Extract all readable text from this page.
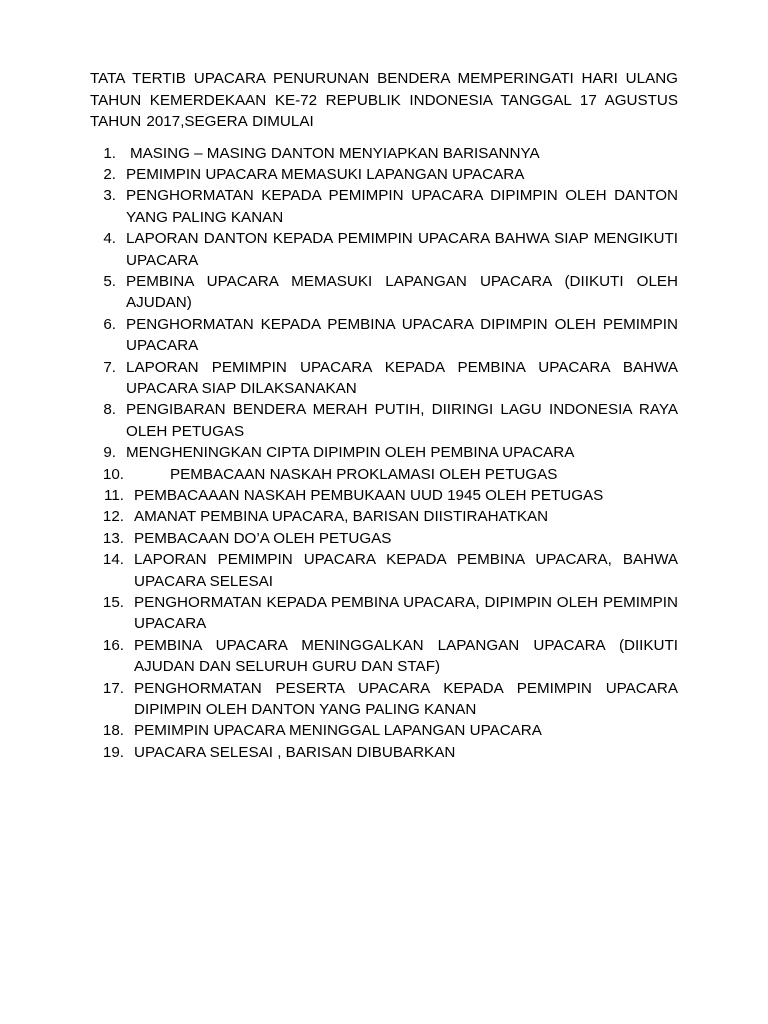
TATA TERTIB UPACARA PENURUNAN BENDERA MEMPERINGATI HARI ULANG TAHUN KEMERDEKAAN KE-72 REPUBLIK INDONESIA TANGGAL 17 AGUSTUS TAHUN 2017,SEGERA DIMULAI

1. MASING – MASING DANTON MENYIAPKAN BARISANNYA
2. PEMIMPIN UPACARA MEMASUKI LAPANGAN UPACARA
3. PENGHORMATAN KEPADA PEMIMPIN UPACARA DIPIMPIN OLEH DANTON YANG PALING KANAN
4. LAPORAN DANTON KEPADA PEMIMPIN UPACARA BAHWA SIAP MENGIKUTI UPACARA
5. PEMBINA UPACARA MEMASUKI LAPANGAN UPACARA (DIIKUTI OLEH AJUDAN)
6. PENGHORMATAN KEPADA PEMBINA UPACARA DIPIMPIN OLEH PEMIMPIN UPACARA
7. LAPORAN PEMIMPIN UPACARA KEPADA PEMBINA UPACARA BAHWA UPACARA SIAP DILAKSANAKAN
8. PENGIBARAN BENDERA MERAH PUTIH, DIIRINGI LAGU INDONESIA RAYA OLEH PETUGAS
9. MENGHENINGKAN CIPTA DIPIMPIN OLEH PEMBINA UPACARA
10.	PEMBACAAN NASKAH PROKLAMASI OLEH PETUGAS
11. PEMBACAAAN NASKAH PEMBUKAAN UUD 1945 OLEH PETUGAS
12. AMANAT PEMBINA UPACARA, BARISAN DIISTIRAHATKAN
13. PEMBACAAN DO’A OLEH PETUGAS
14. LAPORAN PEMIMPIN UPACARA KEPADA PEMBINA UPACARA, BAHWA UPACARA SELESAI
15. PENGHORMATAN KEPADA PEMBINA UPACARA, DIPIMPIN OLEH PEMIMPIN UPACARA
16. PEMBINA UPACARA MENINGGALKAN LAPANGAN UPACARA (DIIKUTI AJUDAN DAN SELURUH GURU DAN STAF)
17. PENGHORMATAN PESERTA UPACARA KEPADA PEMIMPIN UPACARA DIPIMPIN OLEH DANTON YANG PALING KANAN
18. PEMIMPIN UPACARA MENINGGAL LAPANGAN UPACARA
19. UPACARA SELESAI , BARISAN DIBUBARKAN
